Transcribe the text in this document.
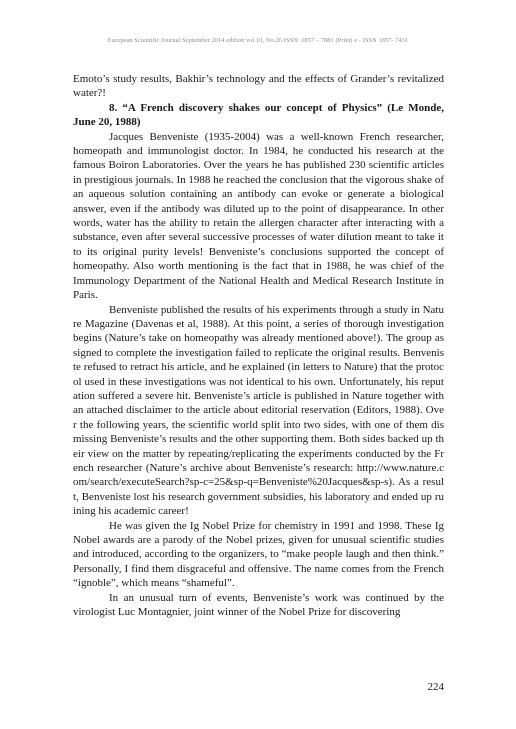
European Scientific Journal September 2014 edition vol.10, No.26 ISSN: 1857 – 7881 (Print) e - ISSN 1857- 7431

Emoto’s study results, Bakhir’s technology and the effects of Grander’s revitalized water?!

8. “A French discovery shakes our concept of Physics” (Le Monde, June 20, 1988)

Jacques Benveniste (1935-2004) was a well-known French researcher, homeopath and immunologist doctor. In 1984, he conducted his research at the famous Boiron Laboratories. Over the years he has published 230 scientific articles in prestigious journals. In 1988 he reached the conclusion that the vigorous shake of an aqueous solution containing an antibody can evoke or generate a biological answer, even if the antibody was diluted up to the point of disappearance. In other words, water has the ability to retain the allergen character after interacting with a substance, even after several successive processes of water dilution meant to take it to its original purity levels! Benveniste’s conclusions supported the concept of homeopathy. Also worth mentioning is the fact that in 1988, he was chief of the Immunology Department of the National Health and Medical Research Institute in Paris.

Benveniste published the results of his experiments through a study in Nature Magazine (Davenas et al, 1988). At this point, a series of thorough investigation begins (Nature’s take on homeopathy was already mentioned above!). The group assigned to complete the investigation failed to replicate the original results. Benveniste refused to retract his article, and he explained (in letters to Nature) that the protocol used in these investigations was not identical to his own. Unfortunately, his reputation suffered a severe hit. Benveniste’s article is published in Nature together with an attached disclaimer to the article about editorial reservation (Editors, 1988). Over the following years, the scientific world split into two sides, with one of them dismissing Benveniste’s results and the other supporting them. Both sides backed up their view on the matter by repeating/replicating the experiments conducted by the French researcher (Nature’s archive about Benveniste’s research: http://www.nature.com/search/executeSearch?sp-c=25&sp-q=Benveniste%20Jacques&sp-s). As a result, Benveniste lost his research government subsidies, his laboratory and ended up ruining his academic career!

He was given the Ig Nobel Prize for chemistry in 1991 and 1998. These Ig Nobel awards are a parody of the Nobel prizes, given for unusual scientific studies and introduced, according to the organizers, to “make people laugh and then think.” Personally, I find them disgraceful and offensive. The name comes from the French “ignoble”, which means “shameful”.

In an unusual turn of events, Benveniste’s work was continued by the virologist Luc Montagnier, joint winner of the Nobel Prize for discovering

224
